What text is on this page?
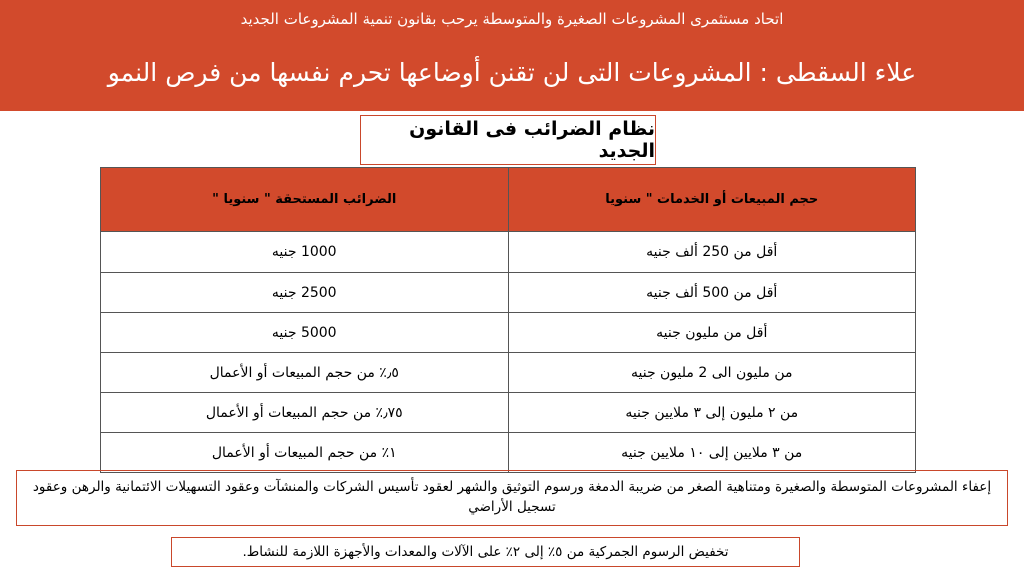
اتحاد مستثمرى المشروعات الصغيرة والمتوسطة يرحب بقانون تنمية المشروعات الجديد
علاء السقطى : المشروعات التى لن تقنن أوضاعها تحرم نفسها من فرص النمو
نظام الضرائب فى القانون الجديد
حجم المبيعات أو الخدمات " سنويا	الضرائب المستحقة " سنويا "
أقل من 250 ألف جنيه	1000 جنيه
أقل من 500 ألف جنيه	2500 جنيه
أقل من مليون جنيه	5000 جنيه
من مليون الى 2 مليون جنيه	٫٥٪ من حجم المبيعات أو الأعمال
من ٢ مليون إلى ٣ ملايين جنيه	٫٧٥٪ من حجم المبيعات أو الأعمال
من ٣ ملايين إلى ١٠ ملايين جنيه	١٪ من حجم المبيعات أو الأعمال
إعفاء المشروعات المتوسطة والصغيرة ومتناهية الصغر من ضريبة الدمغة ورسوم التوثيق والشهر لعقود تأسيس الشركات والمنشآت وعقود التسهيلات الائتمانية والرهن وعقود تسجيل الأراضي
تخفيض الرسوم الجمركية من ٥٪ إلى ٢٪ على الآلات والمعدات والأجهزة اللازمة للنشاط.
